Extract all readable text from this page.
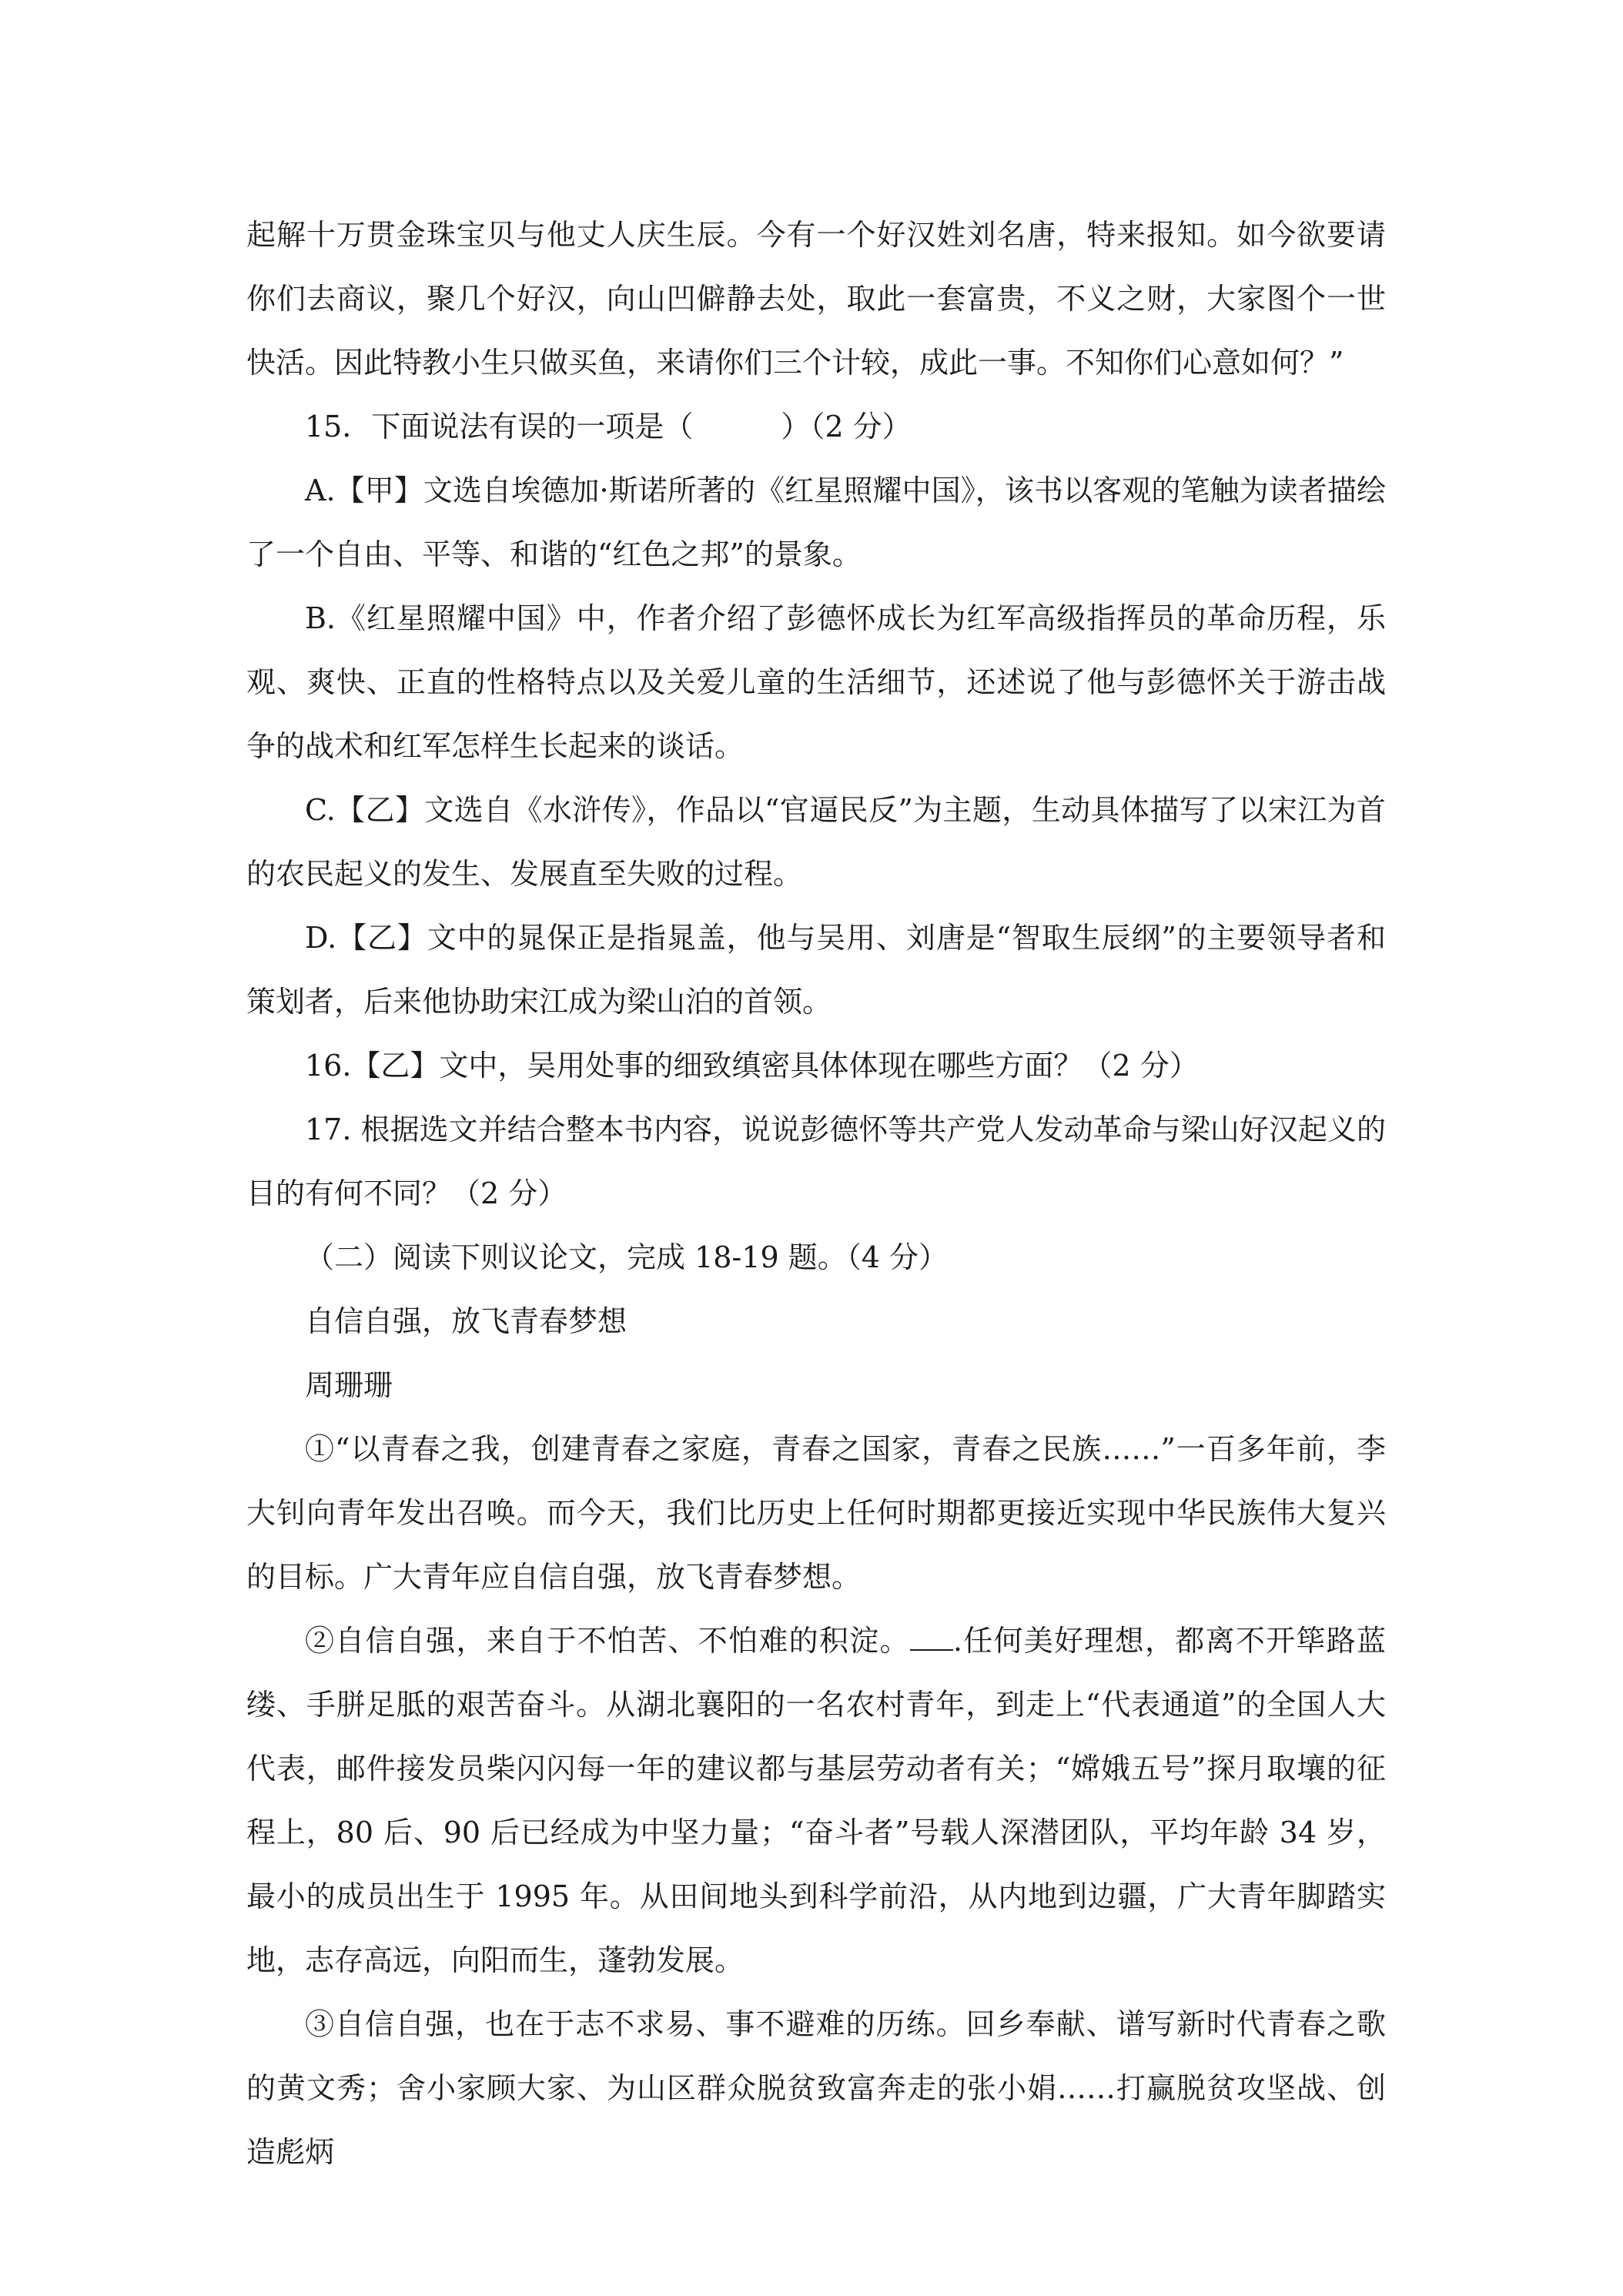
起解十万贯金珠宝贝与他丈人庆生辰。今有一个好汉姓刘名唐，特来报知。如今欲要请你们去商议，聚几个好汉，向山凹僻静去处，取此一套富贵，不义之财，大家图个一世快活。因此特教小生只做买鱼，来请你们三个计较，成此一事。不知你们心意如何？”

15．下面说法有误的一项是（　　　）（2 分）

A.【甲】文选自埃德加·斯诺所著的《红星照耀中国》，该书以客观的笔触为读者描绘了一个自由、平等、和谐的“红色之邦”的景象。

B.《红星照耀中国》中，作者介绍了彭德怀成长为红军高级指挥员的革命历程，乐观、爽快、正直的性格特点以及关爱儿童的生活细节，还述说了他与彭德怀关于游击战争的战术和红军怎样生长起来的谈话。

C.【乙】文选自《水浒传》，作品以“官逼民反”为主题，生动具体描写了以宋江为首的农民起义的发生、发展直至失败的过程。

D.【乙】文中的晁保正是指晁盖，他与吴用、刘唐是“智取生辰纲”的主要领导者和策划者，后来他协助宋江成为梁山泊的首领。

16.【乙】文中，吴用处事的细致缜密具体体现在哪些方面？（2 分）

17. 根据选文并结合整本书内容，说说彭德怀等共产党人发动革命与梁山好汉起义的目的有何不同？（2 分）

（二）阅读下则议论文，完成 18-19 题。（4 分）

自信自强，放飞青春梦想

周珊珊

①“以青春之我，创建青春之家庭，青春之国家，青春之民族……”一百多年前，李大钊向青年发出召唤。而今天，我们比历史上任何时期都更接近实现中华民族伟大复兴的目标。广大青年应自信自强，放飞青春梦想。

②自信自强，来自于不怕苦、不怕难的积淀。 .任何美好理想，都离不开筚路蓝缕、手胼足胝的艰苦奋斗。从湖北襄阳的一名农村青年，到走上“代表通道”的全国人大代表，邮件接发员柴闪闪每一年的建议都与基层劳动者有关；“嫦娥五号”探月取壤的征程上，80 后、90 后已经成为中坚力量；“奋斗者”号载人深潜团队，平均年龄 34 岁，最小的成员出生于 1995 年。从田间地头到科学前沿，从内地到边疆，广大青年脚踏实地，志存高远，向阳而生，蓬勃发展。

③自信自强，也在于志不求易、事不避难的历练。回乡奉献、谱写新时代青春之歌的黄文秀；舍小家顾大家、为山区群众脱贫致富奔走的张小娟……打赢脱贫攻坚战、创造彪炳
